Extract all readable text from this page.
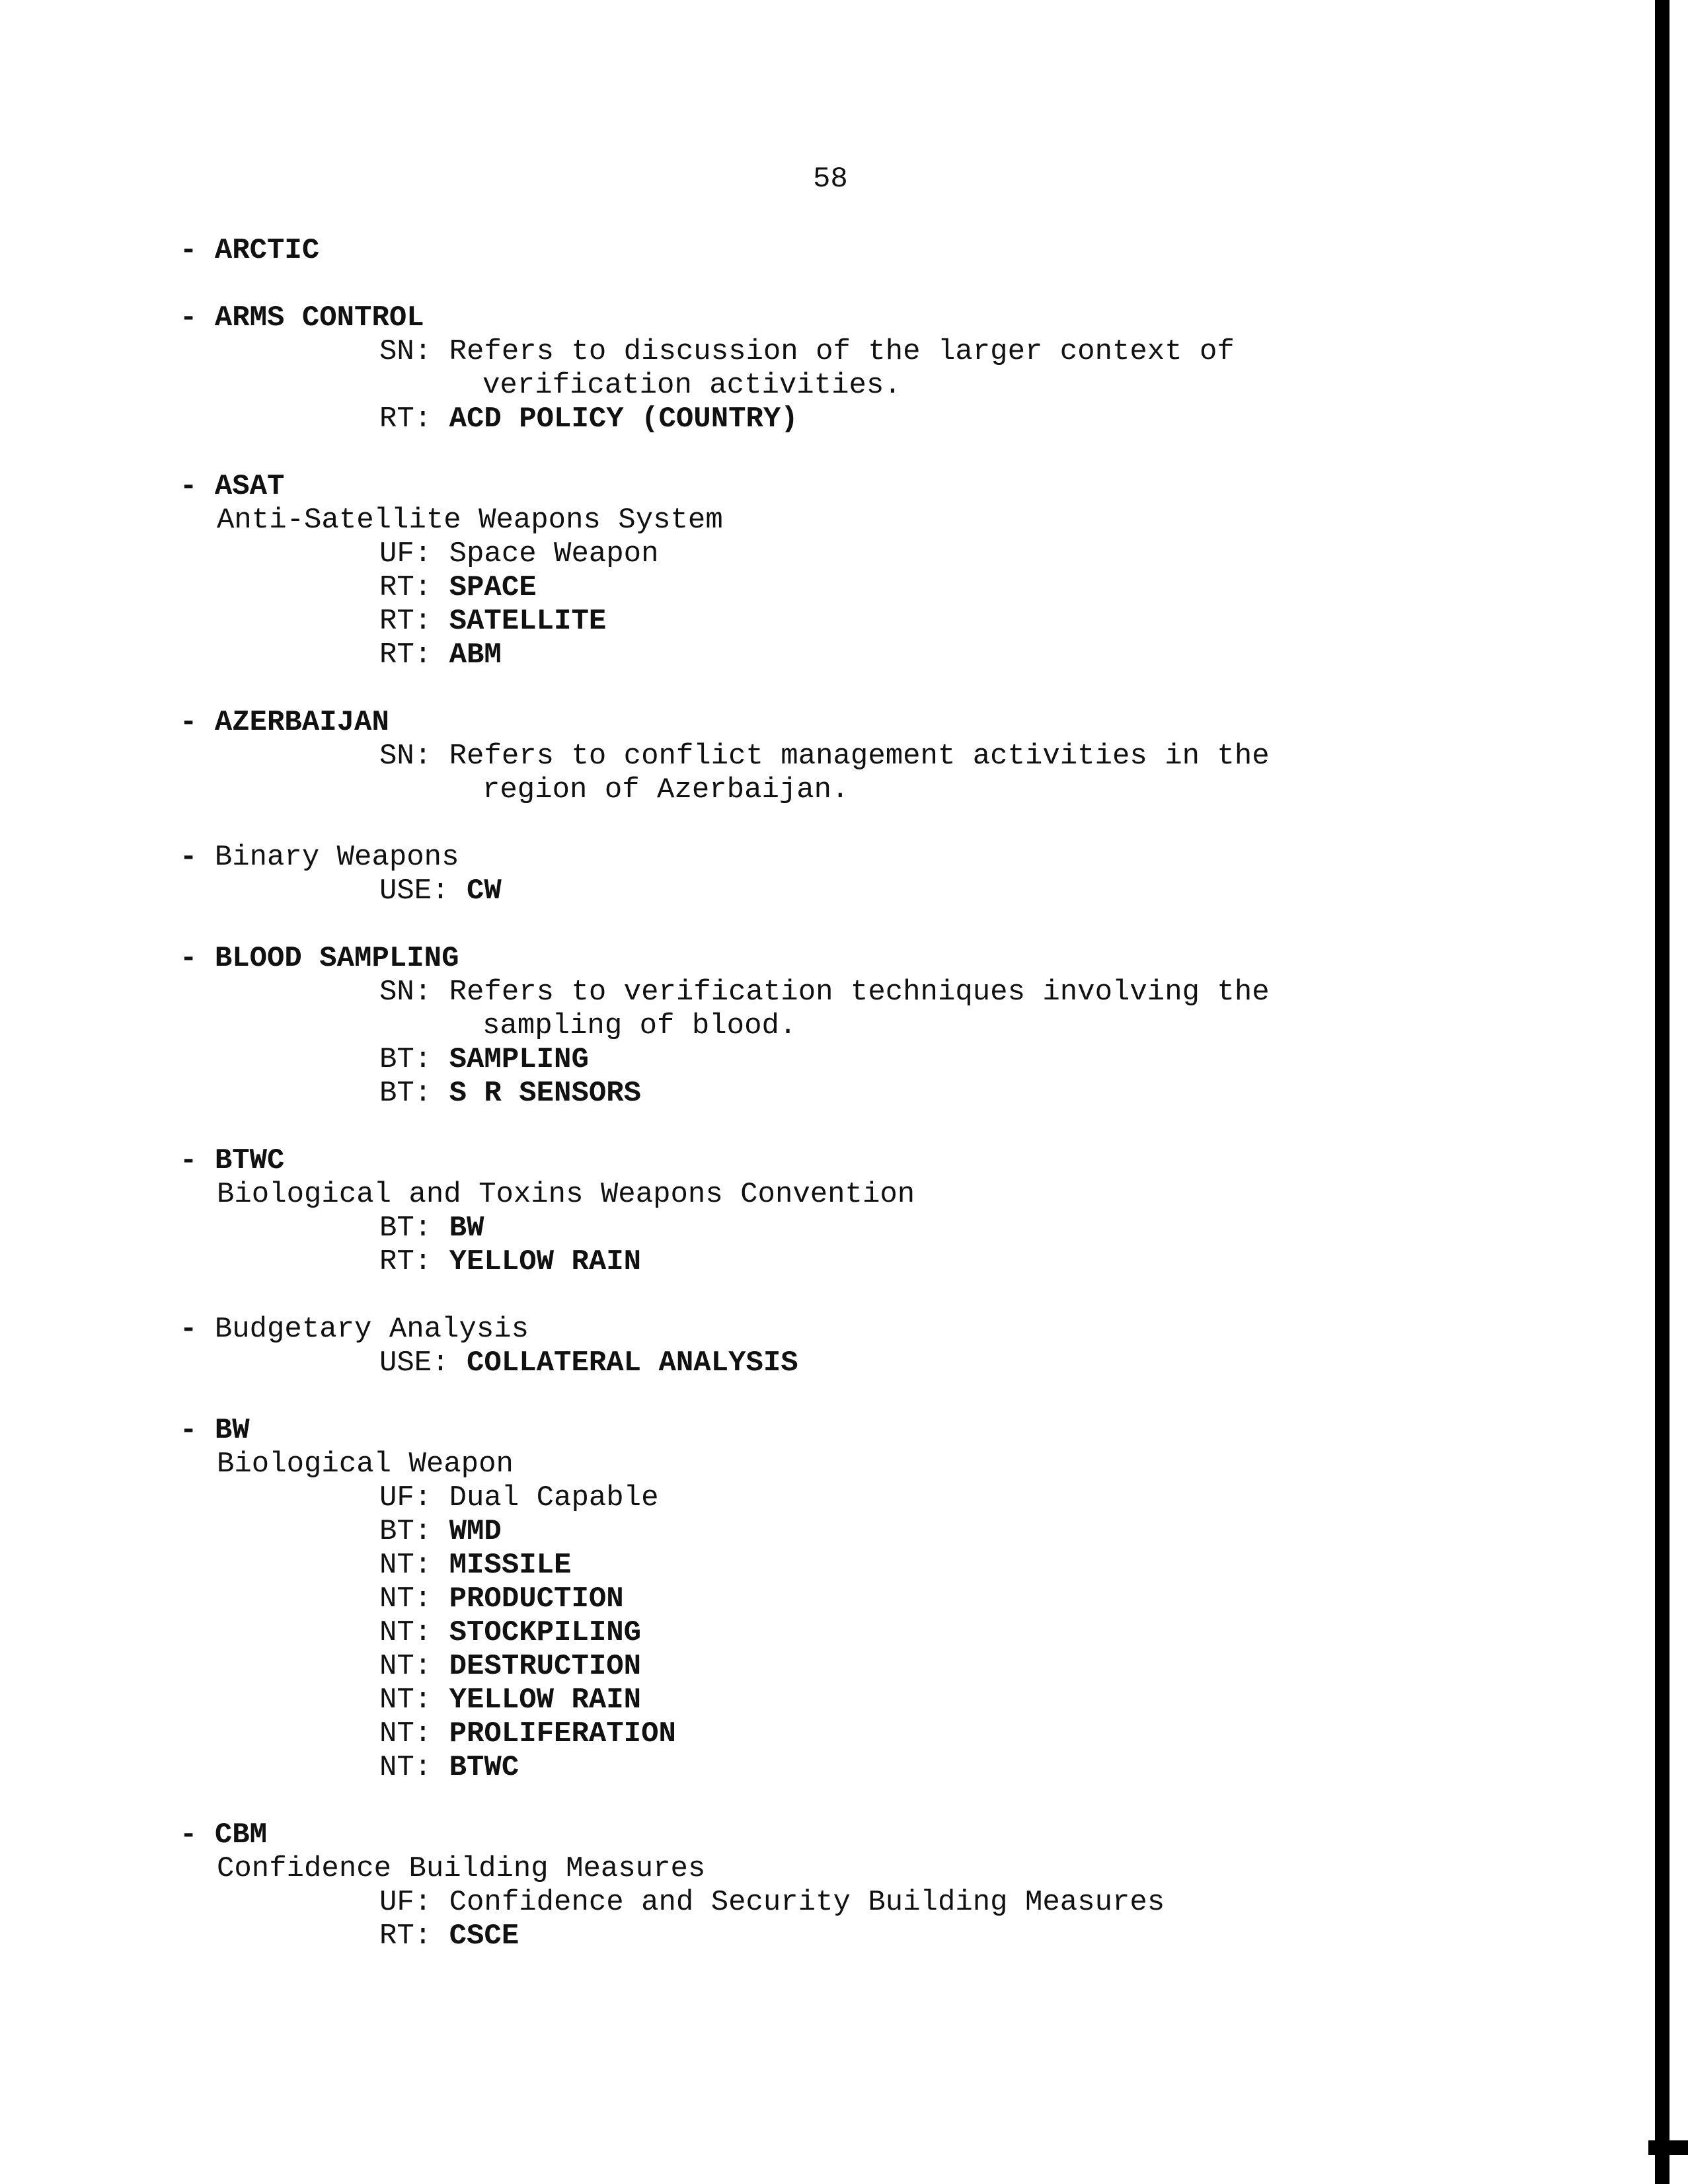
58
- ARCTIC
- ARMS CONTROL
SN: Refers to discussion of the larger context of
verification activities.
RT: ACD POLICY (COUNTRY)
- ASAT
Anti-Satellite Weapons System
UF: Space Weapon
RT: SPACE
RT: SATELLITE
RT: ABM
- AZERBAIJAN
SN: Refers to conflict management activities in the
region of Azerbaijan.
- Binary Weapons
USE: CW
- BLOOD SAMPLING
SN: Refers to verification techniques involving the
sampling of blood.
BT: SAMPLING
BT: S R SENSORS
- BTWC
Biological and Toxins Weapons Convention
BT: BW
RT: YELLOW RAIN
- Budgetary Analysis
USE: COLLATERAL ANALYSIS
- BW
Biological Weapon
UF: Dual Capable
BT: WMD
NT: MISSILE
NT: PRODUCTION
NT: STOCKPILING
NT: DESTRUCTION
NT: YELLOW RAIN
NT: PROLIFERATION
NT: BTWC
- CBM
Confidence Building Measures
UF: Confidence and Security Building Measures
RT: CSCE
